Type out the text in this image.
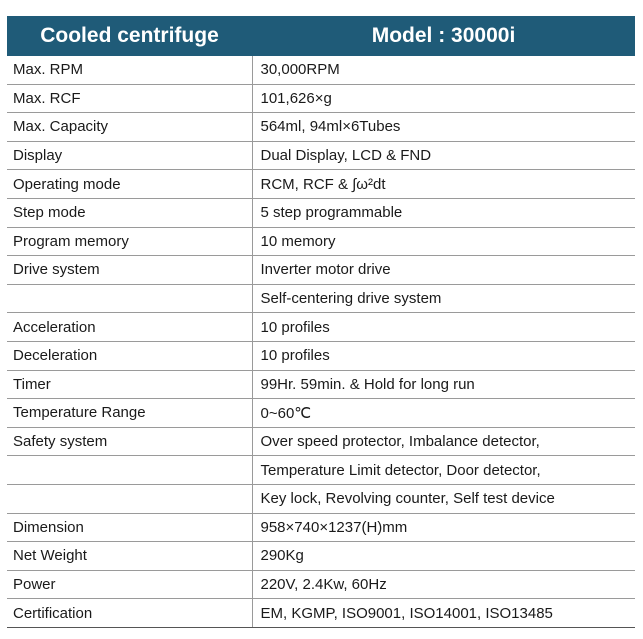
Cooled centrifuge	Model : 30000i
Max. RPM	30,000RPM
Max. RCF	101,626×g
Max. Capacity	564ml, 94ml×6Tubes
Display	Dual Display, LCD & FND
Operating mode	RCM, RCF & ∫ω²dt
Step mode	5 step programmable
Program memory	10 memory
Drive system	Inverter motor drive
	Self-centering drive system
Acceleration	10 profiles
Deceleration	10 profiles
Timer	99Hr. 59min. & Hold for long run
Temperature Range	0~60℃
Safety system	Over speed protector, Imbalance detector,
	Temperature Limit detector, Door detector,
	Key lock, Revolving counter, Self test device
Dimension	958×740×1237(H)mm
Net Weight	290Kg
Power	220V, 2.4Kw, 60Hz
Certification	EM, KGMP, ISO9001, ISO14001, ISO13485
